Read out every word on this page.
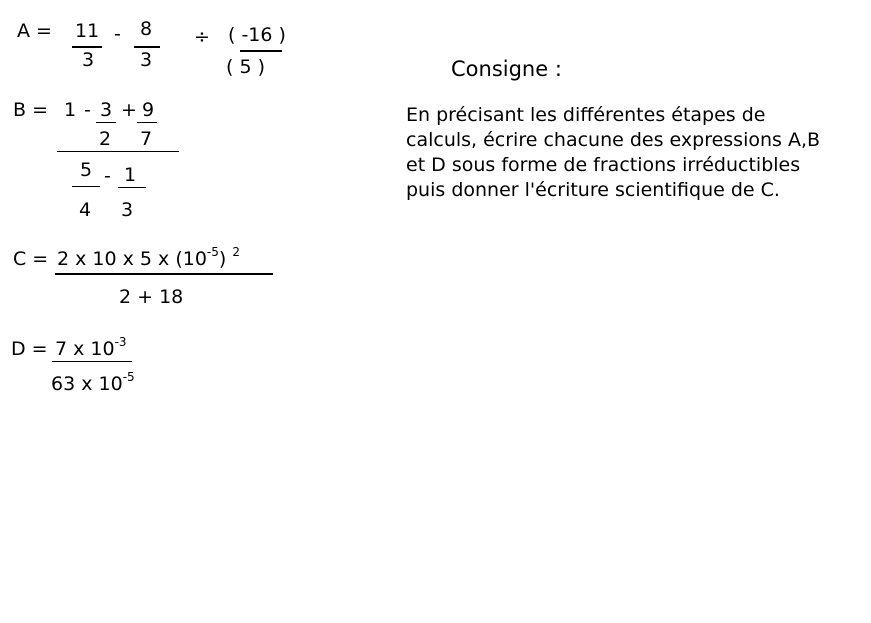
A = 11
3
- 8
3
÷ ( -16 )
( 5 )
B = 1 - 3 + 9
2 7
5 - 1
4 3
C = 2 x 10 x 5 x $(10^{-5})$ $^2$
2 + 18
D = 7 x $10^{-3}$
63 x $10^{-5}$
Consigne :
En précisant les différentes étapes de
calculs, écrire chacune des expressions A,B
et D sous forme de fractions irréductibles
puis donner l'écriture scientifique de C.
